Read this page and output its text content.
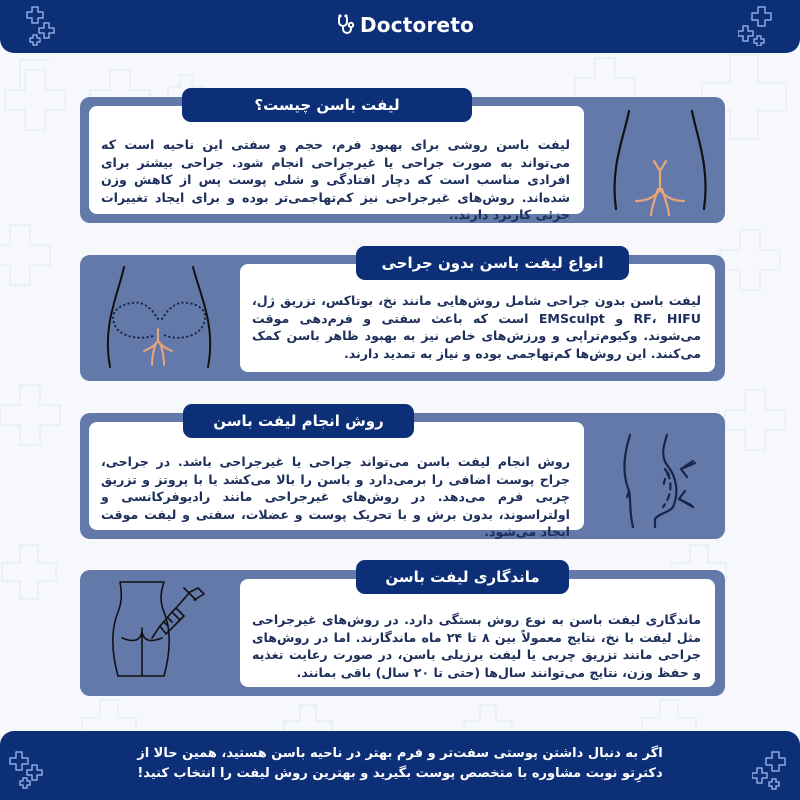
Doctoreto
لیفت باسن روشی برای بهبود فرم، حجم و سفتی این ناحیه است که می‌تواند به صورت جراحی یا غیرجراحی انجام شود. جراحی بیشتر برای افرادی مناسب است که دچار افتادگی و شلی پوست پس از کاهش وزن شده‌اند. روش‌های غیرجراحی نیز کم‌تهاجمی‌تر بوده و برای ایجاد تغییرات جزئی کاربرد دارند..
لیفت باسن چیست؟
لیفت باسن بدون جراحی شامل روش‌هایی مانند نخ، بوتاکس، تزریق ژل، RF، HIFU و EMSculpt است که باعث سفتی و فرم‌دهی موقت می‌شوند. وکیوم‌تراپی و ورزش‌های خاص نیز به بهبود ظاهر باسن کمک می‌کنند. این روش‌ها کم‌تهاجمی بوده و نیاز به تمدید دارند.
انواع لیفت باسن بدون جراحی
روش انجام لیفت باسن می‌تواند جراحی یا غیرجراحی باشد. در جراحی، جراح پوست اضافی را برمی‌دارد و باسن را بالا می‌کشد یا با پروتز و تزریق چربی فرم می‌دهد. در روش‌های غیرجراحی مانند رادیوفرکانسی و اولتراسوند، بدون برش و با تحریک پوست و عضلات، سفتی و لیفت موقت ایجاد می‌شود.
روش انجام لیفت باسن
ماندگاری لیفت باسن به نوع روش بستگی دارد. در روش‌های غیرجراحی مثل لیفت با نخ، نتایج معمولاً بین ۸ تا ۲۴ ماه ماندگارند. اما در روش‌های جراحی مانند تزریق چربی یا لیفت برزیلی باسن، در صورت رعایت تغذیه و حفظ وزن، نتایج می‌توانند سال‌ها (حتی تا ۲۰ سال) باقی بمانند.
ماندگاری لیفت باسن
اگر به دنبال داشتن پوستی سفت‌تر و فرم بهتر در ناحیه باسن هستید، همین حالا از
دکترِتو نوبت مشاوره با متخصص پوست بگیرید و بهترین روش لیفت را انتخاب کنید!
